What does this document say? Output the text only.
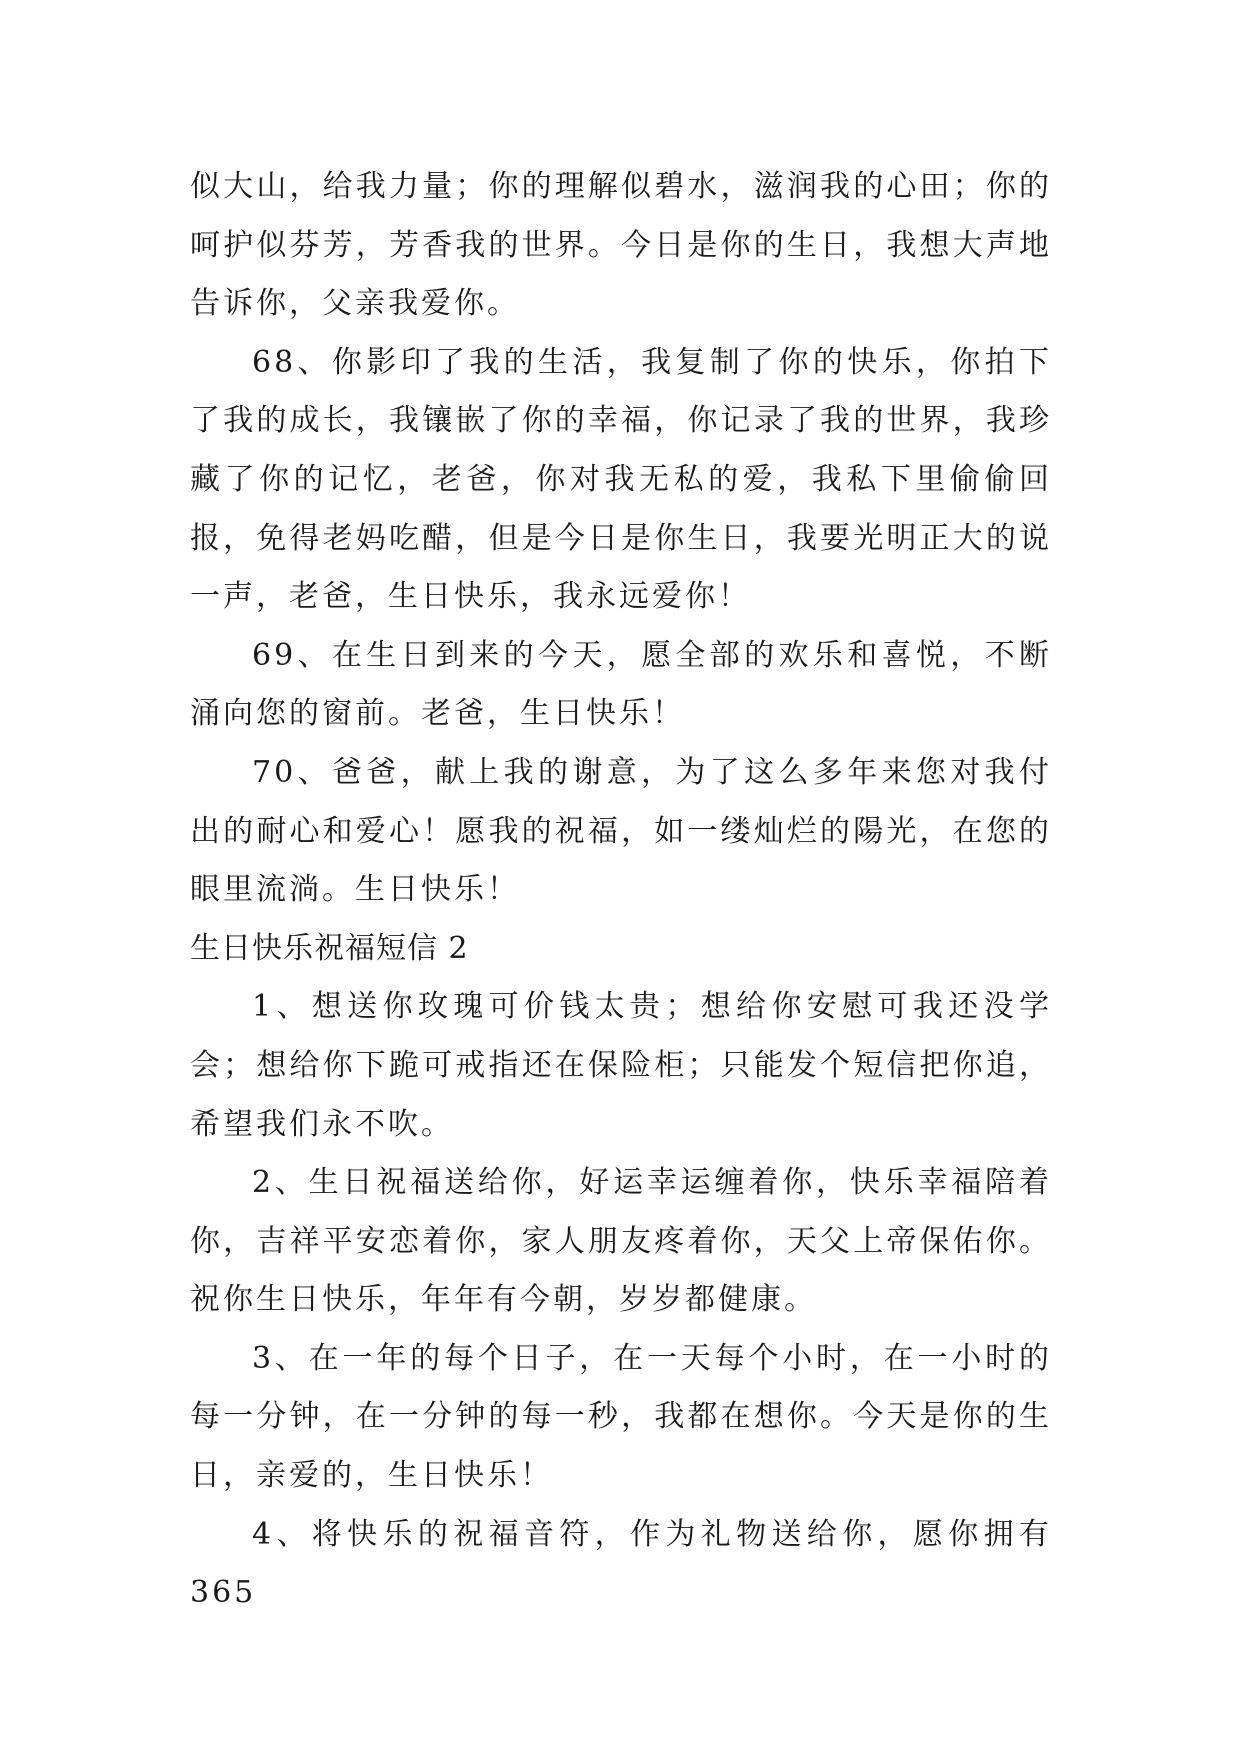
似大山，给我力量；你的理解似碧水，滋润我的心田；你的呵护似芬芳，芳香我的世界。今日是你的生日，我想大声地告诉你，父亲我爱你。

68、你影印了我的生活，我复制了你的快乐，你拍下了我的成长，我镶嵌了你的幸福，你记录了我的世界，我珍藏了你的记忆，老爸，你对我无私的爱，我私下里偷偷回报，免得老妈吃醋，但是今日是你生日，我要光明正大的说一声，老爸，生日快乐，我永远爱你！

69、在生日到来的今天，愿全部的欢乐和喜悦，不断涌向您的窗前。老爸，生日快乐！

70、爸爸，献上我的谢意，为了这么多年来您对我付出的耐心和爱心！愿我的祝福，如一缕灿烂的陽光，在您的眼里流淌。生日快乐！

生日快乐祝福短信 2

1、想送你玫瑰可价钱太贵；想给你安慰可我还没学会；想给你下跪可戒指还在保险柜；只能发个短信把你追，希望我们永不吹。

2、生日祝福送给你，好运幸运缠着你，快乐幸福陪着你，吉祥平安恋着你，家人朋友疼着你，天父上帝保佑你。祝你生日快乐，年年有今朝，岁岁都健康。

3、在一年的每个日子，在一天每个小时，在一小时的每一分钟，在一分钟的每一秒，我都在想你。今天是你的生日，亲爱的，生日快乐！

4、将快乐的祝福音符，作为礼物送给你，愿你拥有 365
